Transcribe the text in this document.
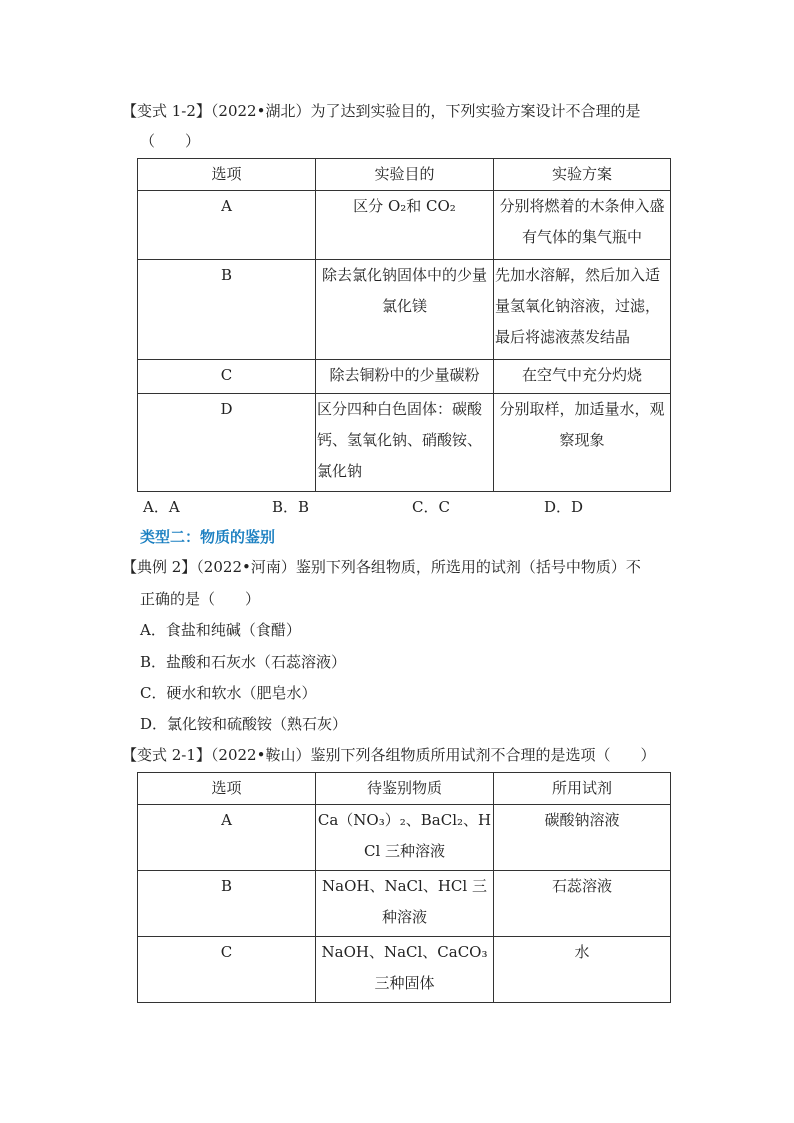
【变式 1-2】（2022•湖北）为了达到实验目的，下列实验方案设计不合理的是
（　　）
选项	实验目的	实验方案
A	区分 O₂和 CO₂	分别将燃着的木条伸入盛有气体的集气瓶中
B	除去氯化钠固体中的少量氯化镁	先加水溶解，然后加入适量氢氧化钠溶液，过滤，最后将滤液蒸发结晶
C	除去铜粉中的少量碳粉	在空气中充分灼烧
D	区分四种白色固体：碳酸钙、氢氧化钠、硝酸铵、氯化钠	分别取样，加适量水，观察现象
A．A	B．B	C．C	D．D
类型二：物质的鉴别
【典例 2】（2022•河南）鉴别下列各组物质，所选用的试剂（括号中物质）不
正确的是（　　）
A．食盐和纯碱（食醋）
B．盐酸和石灰水（石蕊溶液）
C．硬水和软水（肥皂水）
D．氯化铵和硫酸铵（熟石灰）
【变式 2-1】（2022•鞍山）鉴别下列各组物质所用试剂不合理的是选项（　　）
选项	待鉴别物质	所用试剂
A	Ca（NO₃）₂、BaCl₂、HCl 三种溶液	碳酸钠溶液
B	NaOH、NaCl、HCl 三种溶液	石蕊溶液
C	NaOH、NaCl、CaCO₃三种固体	水
